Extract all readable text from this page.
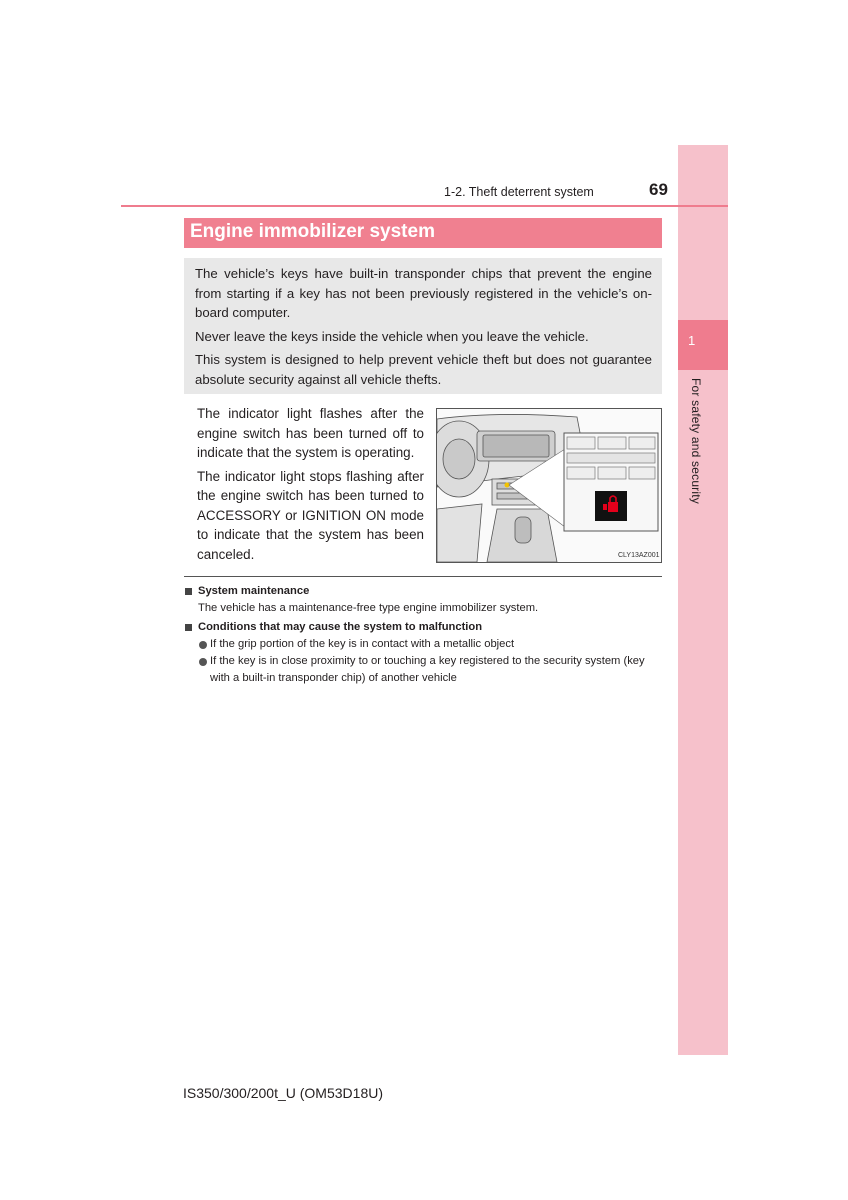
1
For safety and security
1-2. Theft deterrent system	69
Engine immobilizer system

The vehicle’s keys have built-in transponder chips that prevent the engine from starting if a key has not been previously registered in the vehicle’s on-board computer.

Never leave the keys inside the vehicle when you leave the vehicle.

This system is designed to help prevent vehicle theft but does not guarantee absolute security against all vehicle thefts.

The indicator light flashes after the engine switch has been turned off to indicate that the system is operating.

The indicator light stops flashing after the engine switch has been turned to ACCESSORY or IGNITION ON mode to indicate that the system has been canceled.	CLY13AZ001
System maintenance
The vehicle has a maintenance-free type engine immobilizer system.
Conditions that may cause the system to malfunction
If the grip portion of the key is in contact with a metallic object
If the key is in close proximity to or touching a key registered to the security system (key with a built-in transponder chip) of another vehicle
IS350/300/200t_U (OM53D18U)
